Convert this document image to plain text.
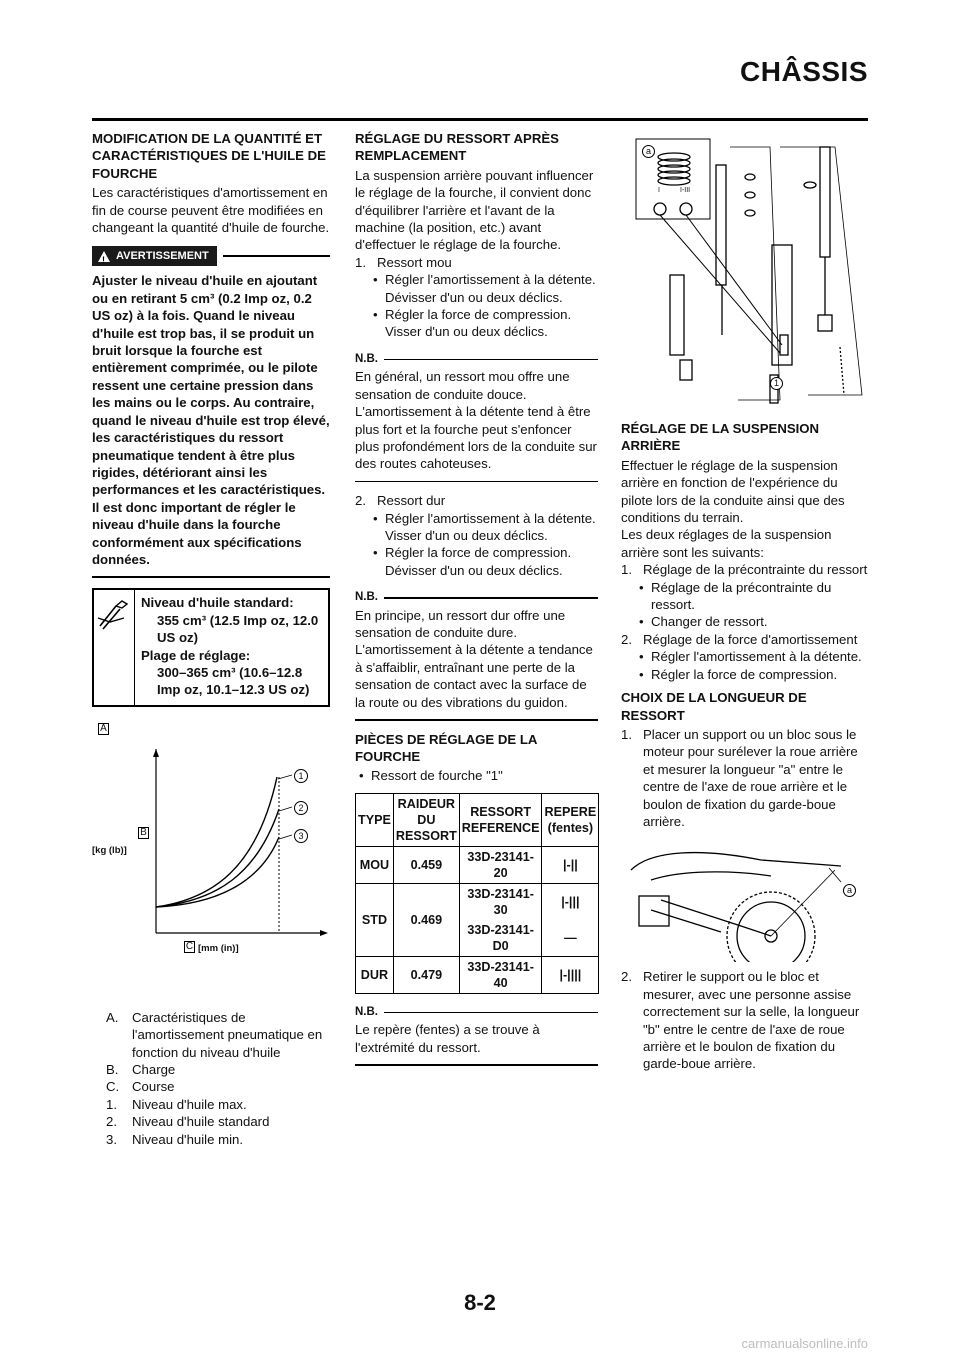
CHÂSSIS
MODIFICATION DE LA QUANTITÉ ET CARACTÉRISTIQUES DE L'HUILE DE FOURCHE

Les caractéristiques d'amortissement en fin de course peuvent être modifiées en changeant la quantité d'huile de fourche.

! AVERTISSEMENT

Ajuster le niveau d'huile en ajoutant ou en retirant 5 cm³ (0.2 Imp oz, 0.2 US oz) à la fois. Quand le niveau d'huile est trop bas, il se produit un bruit lorsque la fourche est entièrement comprimée, ou le pilote ressent une certaine pression dans les mains ou le corps. Au contraire, quand le niveau d'huile est trop élevé, les caractéristiques du ressort pneumatique tendent à être plus rigides, détériorant ainsi les performances et les caractéristiques. Il est donc important de régler le niveau d'huile dans la fourche conformément aux spécifications données.

Niveau d'huile standard:
355 cm³ (12.5 Imp oz, 12.0 US oz)
Plage de réglage:
300–365 cm³ (10.6–12.8 Imp oz, 10.1–12.3 US oz)
A
B
[kg (lb)]
C [mm (in)]
1
2
3
A.	Caractéristiques de l'amortissement pneumatique en fonction du niveau d'huile
B.	Charge
C. Course
1.	Niveau d'huile max.
2.	Niveau d'huile standard
3.	Niveau d'huile min.
RÉGLAGE DU RESSORT APRÈS REMPLACEMENT

La suspension arrière pouvant influencer le réglage de la fourche, il convient donc d'équilibrer l'arrière et l'avant de la machine (la position, etc.) avant d'effectuer le réglage de la fourche.

1. Ressort mou
• Régler l'amortissement à la détente.
Dévisser d'un ou deux déclics.
• Régler la force de compression.
Visser d'un ou deux déclics.
N.B.

En général, un ressort mou offre une sensation de conduite douce. L'amortissement à la détente tend à être plus fort et la fourche peut s'enfoncer plus profondément lors de la conduite sur des routes cahoteuses.

2. Ressort dur
• Régler l'amortissement à la détente.
Visser d'un ou deux déclics.
• Régler la force de compression.
Dévisser d'un ou deux déclics.
N.B.

En principe, un ressort dur offre une sensation de conduite dure. L'amortissement à la détente a tendance à s'affaiblir, entraînant une perte de la sensation de contact avec la surface de la route ou des vibrations du guidon.

PIÈCES DE RÉGLAGE DE LA FOURCHE
• Ressort de fourche "1"
TYPE	RAIDEUR DU RESSORT	RESSORT REFERENCE	REPERE (fentes)
MOU	0.459	33D-23141-20	|-||
STD	0.469	33D-23141-30	|-|||
		33D-23141-D0	—
DUR	0.479	33D-23141-40	|-||||
N.B.

Le repère (fentes) a se trouve à l'extrémité du ressort.

a
1
I	I-III
RÉGLAGE DE LA SUSPENSION ARRIÈRE

Effectuer le réglage de la suspension arrière en fonction de l'expérience du pilote lors de la conduite ainsi que des conditions du terrain.

Les deux réglages de la suspension arrière sont les suivants:

1. Réglage de la précontrainte du ressort
• Réglage de la précontrainte du ressort.
• Changer de ressort.
2. Réglage de la force d'amortissement
• Régler l'amortissement à la détente.
• Régler la force de compression.
CHOIX DE LA LONGUEUR DE RESSORT
1. Placer un support ou un bloc sous le moteur pour surélever la roue arrière et mesurer la longueur "a" entre le centre de l'axe de roue arrière et le boulon de fixation du garde-boue arrière.
a
2. Retirer le support ou le bloc et mesurer, avec une personne assise correctement sur la selle, la longueur "b" entre le centre de l'axe de roue arrière et le boulon de fixation du garde-boue arrière.
8-2
carmanualsonline.info
